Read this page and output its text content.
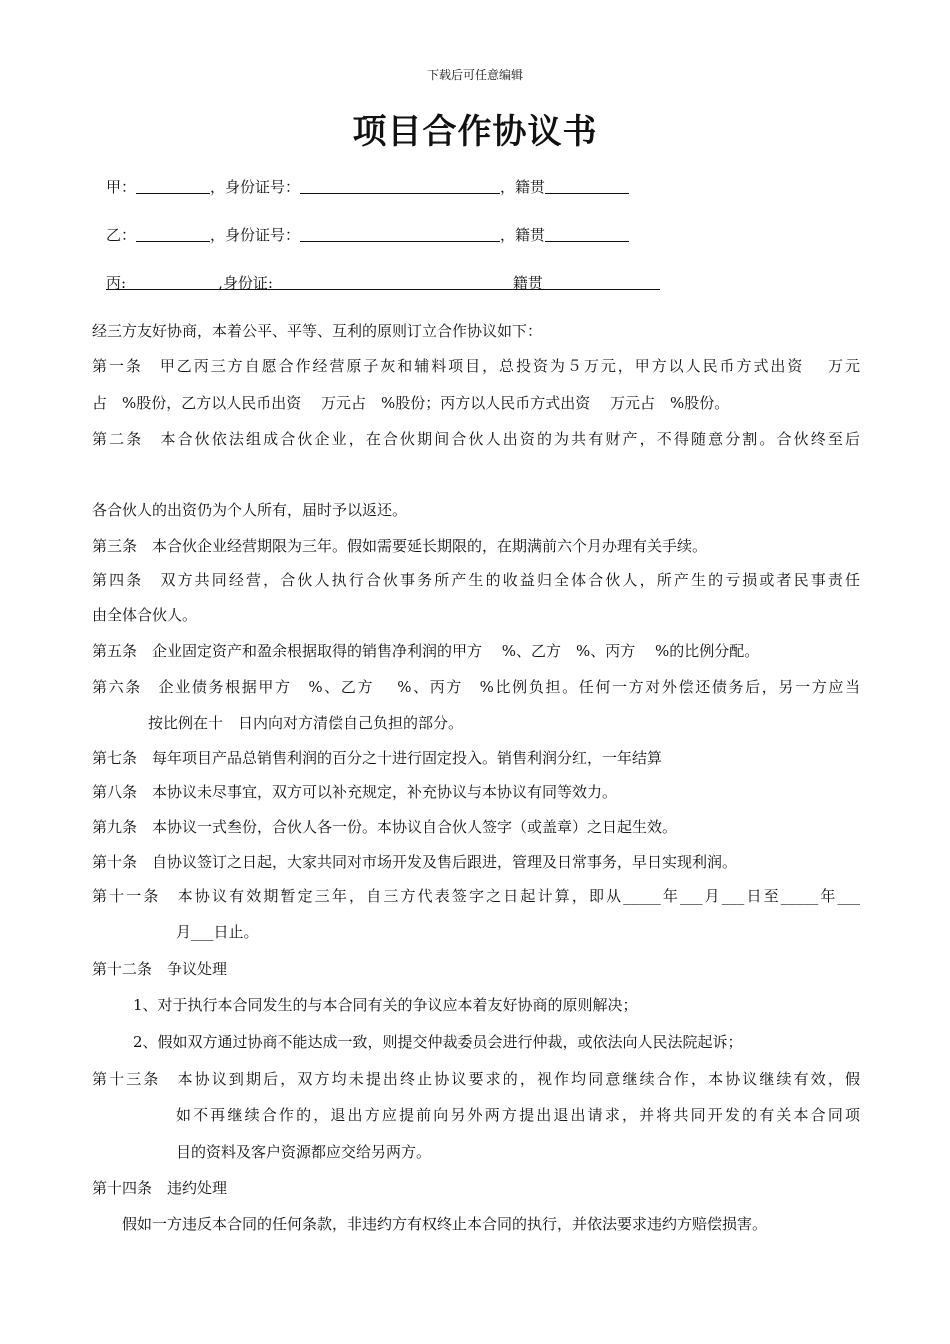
下载后可任意编辑
项目合作协议书
甲：	，身份证号：	，籍贯
乙：	，身份证号：	，籍贯
丙:	,身份证:	籍贯
经三方友好协商，本着公平、平等、互利的原则订立合作协议如下：
第一条　甲乙丙三方自愿合作经营原子灰和辅料项目，总投资为５万元，甲方以人民币方式出资　 万元
占　%股份，乙方以人民币出资　 万元占　%股份；丙方以人民币方式出资　 万元占　%股份。
第二条　本合伙依法组成合伙企业，在合伙期间合伙人出资的为共有财产，不得随意分割。合伙终至后
各合伙人的出资仍为个人所有，届时予以返还。
第三条　本合伙企业经营期限为三年。假如需要延长期限的，在期满前六个月办理有关手续。
第四条　双方共同经营，合伙人执行合伙事务所产生的收益归全体合伙人，所产生的亏损或者民事责任
由全体合伙人。
第五条　企业固定资产和盈余根据取得的销售净利润的甲方　 %、乙方　%、丙方　 %的比例分配。
第六条　企业债务根据甲方　%、乙方　 %、丙方　%比例负担。任何一方对外偿还债务后，另一方应当
按比例在十　日内向对方清偿自己负担的部分。
第七条　每年项目产品总销售利润的百分之十进行固定投入。销售利润分红，一年结算
第八条　本协议未尽事宜，双方可以补充规定，补充协议与本协议有同等效力。
第九条　本协议一式叁份，合伙人各一份。本协议自合伙人签字（或盖章）之日起生效。
第十条　自协议签订之日起，大家共同对市场开发及售后跟进，管理及日常事务，早日实现利润。
第十一条　本协议有效期暂定三年，自三方代表签字之日起计算，即从_____年___月___日至_____年___
月___日止。
第十二条　争议处理
1、对于执行本合同发生的与本合同有关的争议应本着友好协商的原则解决；
2、假如双方通过协商不能达成一致，则提交仲裁委员会进行仲裁，或依法向人民法院起诉；
第十三条　本协议到期后，双方均未提出终止协议要求的，视作均同意继续合作，本协议继续有效，假
如不再继续合作的，退出方应提前向另外两方提出退出请求，并将共同开发的有关本合同项
目的资料及客户资源都应交给另两方。
第十四条　违约处理
假如一方违反本合同的任何条款，非违约方有权终止本合同的执行，并依法要求违约方赔偿损害。
